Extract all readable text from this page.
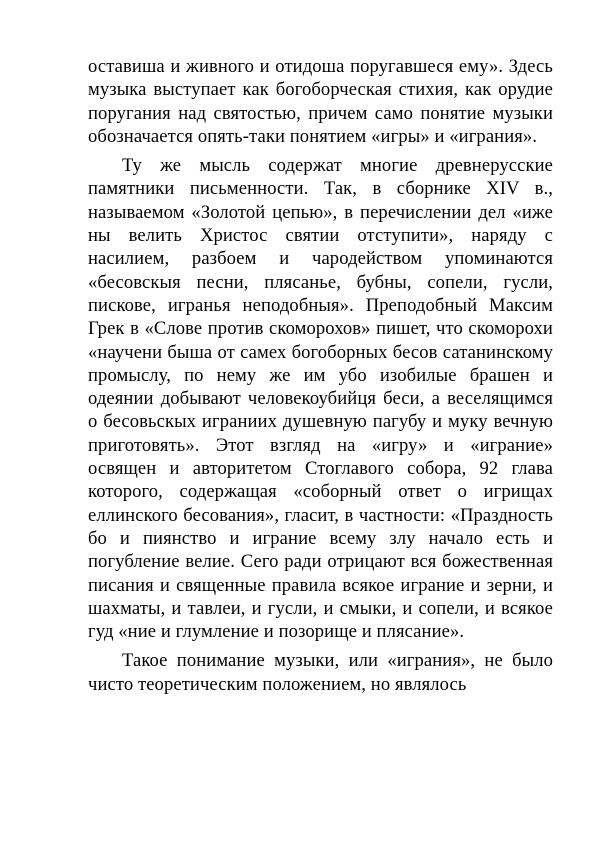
оставиша и живного и отидоша поругавшеся ему». Здесь музыка выступает как богоборческая стихия, как орудие поругания над святостью, причем само понятие музыки обозначается опять-таки понятием «игры» и «играния».

Ту же мысль содержат многие древнерусские памятники письменности. Так, в сборнике XIV в., называемом «Золотой цепью», в перечислении дел «иже ны велить Христос святии отступити», наряду с насилием, разбоем и чародейством упоминаются «бесовскыя песни, плясанье, бубны, сопели, гусли, пискове, игранья неподобныя». Преподобный Максим Грек в «Слове против скоморохов» пишет, что скоморохи «научени быша от самех богоборных бесов сатанинскому промыслу, по нему же им убо изобилые брашен и одеянии добывают человекоубийця беси, а веселящимся о бесовьскых играниих душевную пагубу и муку вечную приготовять». Этот взгляд на «игру» и «играние» освящен и авторитетом Стоглавого собора, 92 глава которого, содержащая «соборный ответ о игрищах еллинского бесования», гласит, в частности: «Праздность бо и пиянство и играние всему злу начало есть и погубление велие. Сего ради отрицают вся божественная писания и священные правила всякое играние и зерни, и шахматы, и тавлеи, и гусли, и смыки, и сопели, и всякое гуд «ние и глумление и позорище и плясание».

Такое понимание музыки, или «играния», не было чисто теоретическим положением, но являлось
